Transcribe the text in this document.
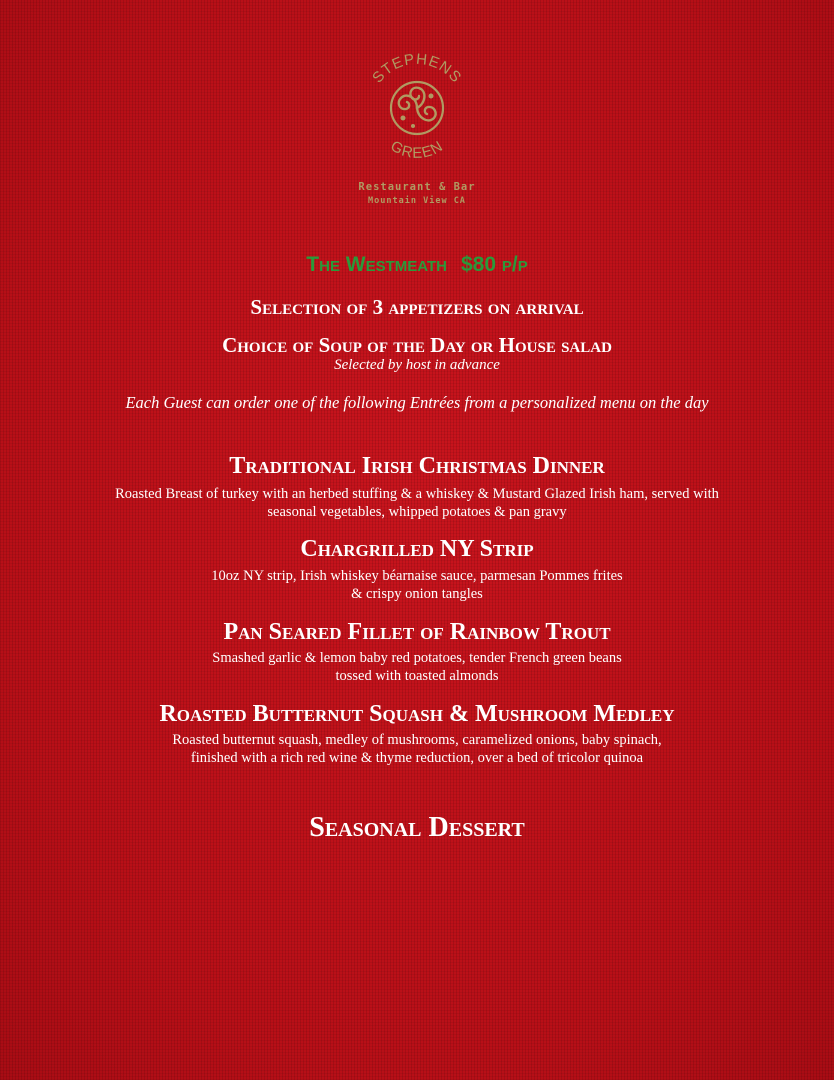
STEPHENS
GREEN
Restaurant & Bar
Mountain View CA
The Westmeath $80 p/p
Selection of 3 appetizers on arrival
Choice of Soup of the Day or House salad
Selected by host in advance
Each Guest can order one of the following Entrées from a personalized menu on the day
Traditional Irish Christmas Dinner
Roasted Breast of turkey with an herbed stuffing & a whiskey & Mustard Glazed Irish ham, served with
seasonal vegetables, whipped potatoes & pan gravy
Chargrilled NY Strip
10oz NY strip, Irish whiskey béarnaise sauce, parmesan Pommes frites
& crispy onion tangles
Pan Seared Fillet of Rainbow Trout
Smashed garlic & lemon baby red potatoes, tender French green beans
tossed with toasted almonds
Roasted Butternut Squash & Mushroom Medley
Roasted butternut squash, medley of mushrooms, caramelized onions, baby spinach,
finished with a rich red wine & thyme reduction, over a bed of tricolor quinoa
Seasonal Dessert
